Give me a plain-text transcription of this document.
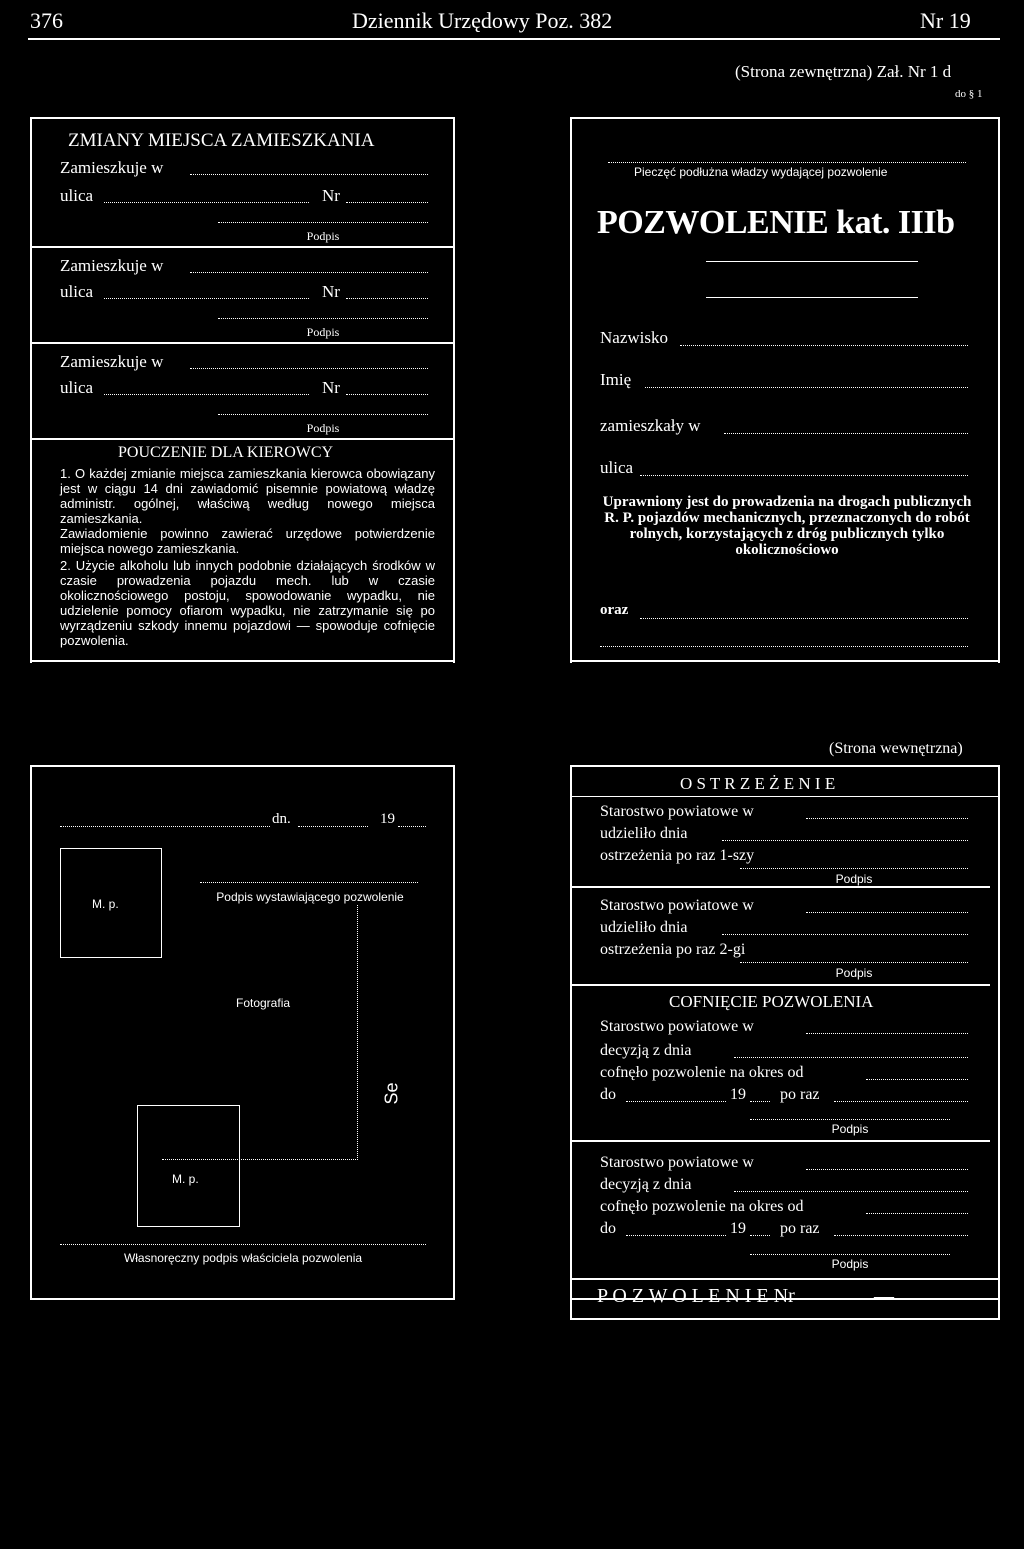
376	Dziennik Urzędowy Poz. 382	Nr 19
(Strona zewnętrzna) Zał. Nr 1 d
do § 1
ZMIANY MIEJSCA ZAMIESZKANIA
Zamieszkuje w
ulica	Nr
Podpis
Zamieszkuje w
ulica	Nr
Podpis
Zamieszkuje w
ulica	Nr
Podpis
POUCZENIE DLA KIEROWCY

1. O każdej zmianie miejsca zamieszkania kierowca obowiązany jest w ciągu 14 dni zawiadomić pisemnie powiatową władzę administr. ogólnej, właściwą według nowego miejsca zamieszkania.

Zawiadomienie powinno zawierać urzędowe potwierdzenie miejsca nowego zamieszkania.

2. Użycie alkoholu lub innych podobnie działających środków w czasie prowadzenia pojazdu mech. lub w czasie okolicznościowego postoju, spowodowanie wypadku, nie udzielenie pomocy ofiarom wypadku, nie zatrzymanie się po wyrządzeniu szkody innemu pojazdowi — spowoduje cofnięcie pozwolenia.

Pieczęć podłużna władzy wydającej pozwolenie
POZWOLENIE kat. IIIb
Nazwisko
Imię
zamieszkały w
ulica
Uprawniony jest do prowadzenia na drogach publicznych R. P. pojazdów mechanicznych, przeznaczonych do robót rolnych, korzystających z dróg publicznych tylko okolicznościowo
oraz
(Strona wewnętrzna)
dn.	19
M. p.	Podpis wystawiającego pozwolenie
Fotografia
Se
M. p.
Własnoręczny podpis właściciela pozwolenia
O S T R Z E Ż E N I E
Starostwo powiatowe w
udzieliło dnia
ostrzeżenia po raz 1-szy
Podpis
Starostwo powiatowe w
udzieliło dnia
ostrzeżenia po raz 2-gi
Podpis
COFNIĘCIE POZWOLENIA
Starostwo powiatowe w
decyzją z dnia
cofnęło pozwolenie na okres od
do	19 po raz
Podpis
Starostwo powiatowe w
decyzją z dnia
cofnęło pozwolenie na okres od
do	19 po raz
Podpis
P O Z W O L E N I E Nr	—
